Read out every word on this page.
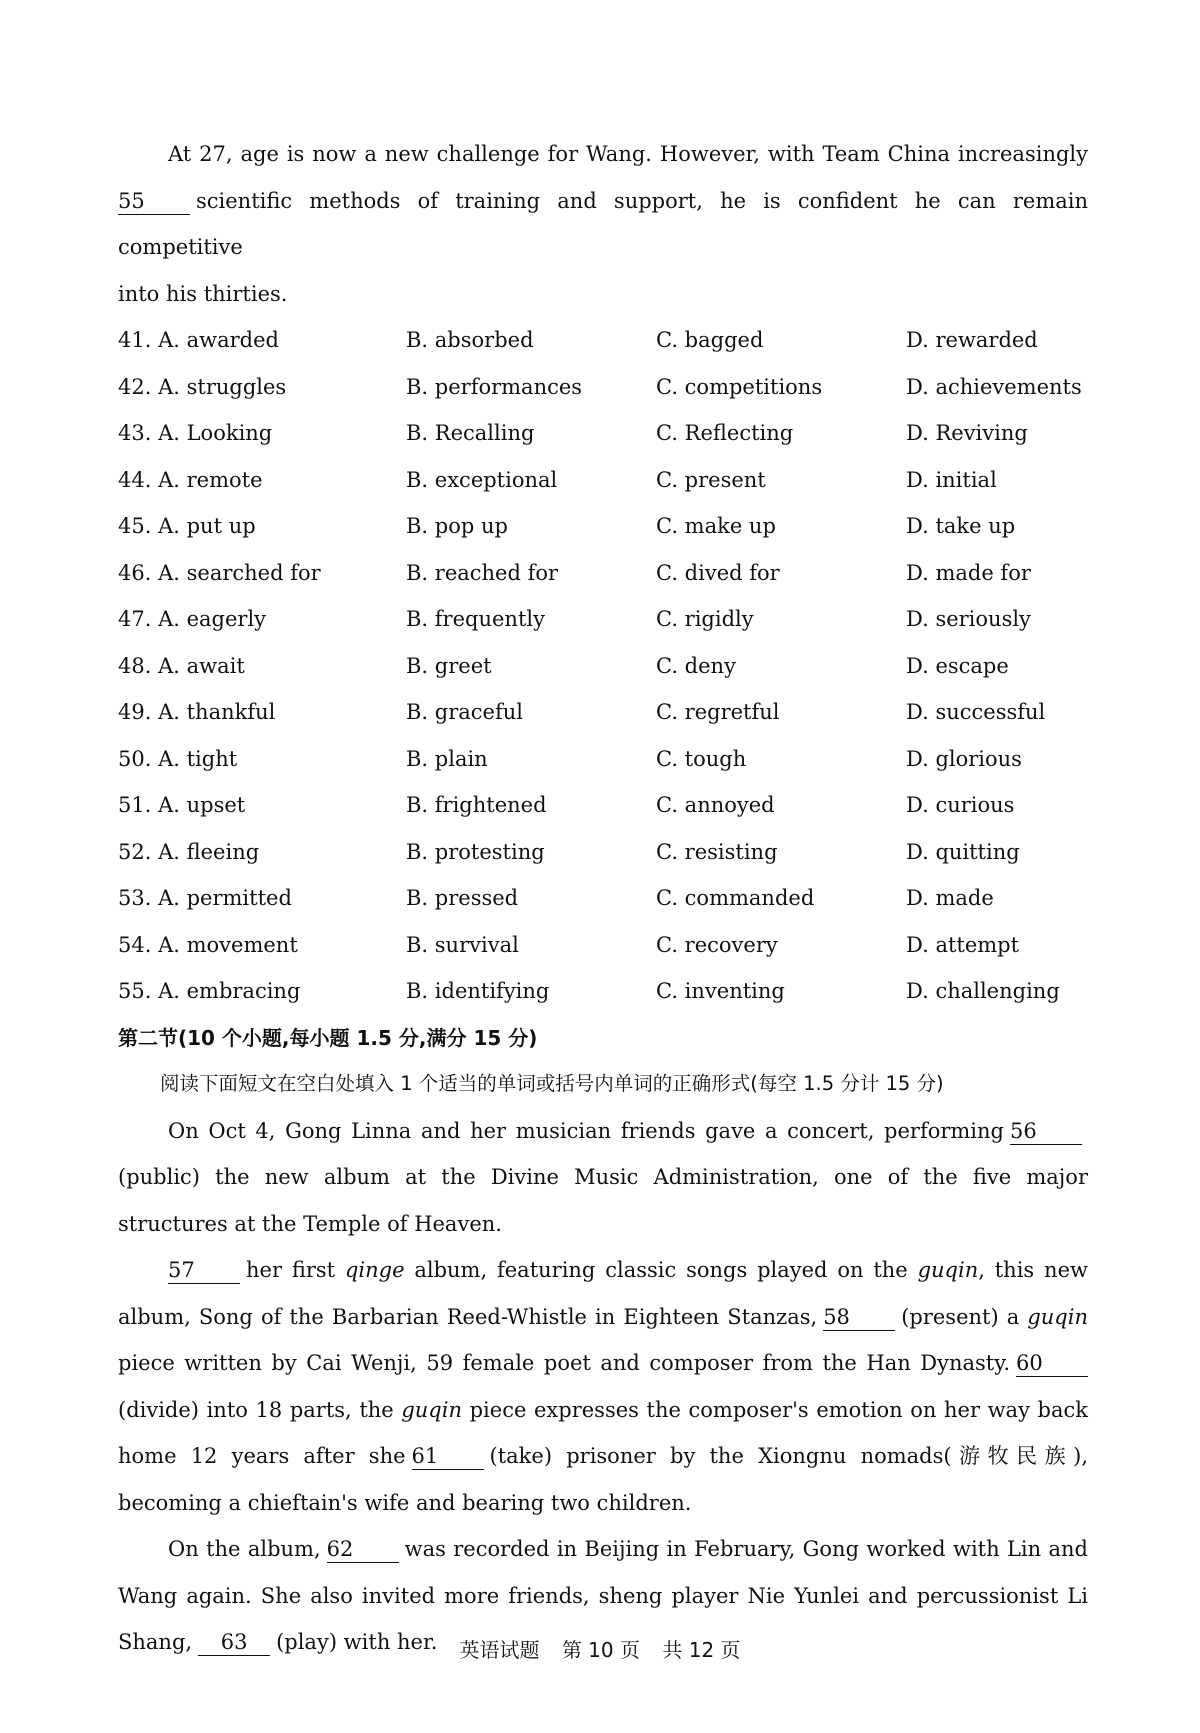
At 27, age is now a new challenge for Wang. However, with Team China increasingly

55 scientific methods of training and support, he is confident he can remain competitive

into his thirties.

41. A. awarded	B. absorbed	C. bagged	D. rewarded
42. A. struggles	B. performances	C. competitions	D. achievements
43. A. Looking	B. Recalling	C. Reflecting	D. Reviving
44. A. remote	B. exceptional	C. present	D. initial
45. A. put up	B. pop up	C. make up	D. take up
46. A. searched for	B. reached for	C. dived for	D. made for
47. A. eagerly	B. frequently	C. rigidly	D. seriously
48. A. await	B. greet	C. deny	D. escape
49. A. thankful	B. graceful	C. regretful	D. successful
50. A. tight	B. plain	C. tough	D. glorious
51. A. upset	B. frightened	C. annoyed	D. curious
52. A. fleeing	B. protesting	C. resisting	D. quitting
53. A. permitted	B. pressed	C. commanded	D. made
54. A. movement	B. survival	C. recovery	D. attempt
55. A. embracing	B. identifying	C. inventing	D. challenging
第二节(10 个小题,每小题 1.5 分,满分 15 分)
阅读下面短文在空白处填入 1 个适当的单词或括号内单词的正确形式(每空 1.5 分计 15 分)

On Oct 4, Gong Linna and her musician friends gave a concert, performing 56

(public) the new album at the Divine Music Administration, one of the five major

structures at the Temple of Heaven.

57 her first qinge album, featuring classic songs played on the guqin, this new

album, Song of the Barbarian Reed-Whistle in Eighteen Stanzas, 58 (present) a guqin

piece written by Cai Wenji, 59 female poet and composer from the Han Dynasty. 60

(divide) into 18 parts, the guqin piece expresses the composer's emotion on her way back

home 12 years after she 61 (take) prisoner by the Xiongnu nomads(游牧民族),

becoming a chieftain's wife and bearing two children.

On the album, 62 was recorded in Beijing in February, Gong worked with Lin and

Wang again. She also invited more friends, sheng player Nie Yunlei and percussionist Li

Shang, 63 (play) with her.	英语试题 第 10 页 共 12 页
